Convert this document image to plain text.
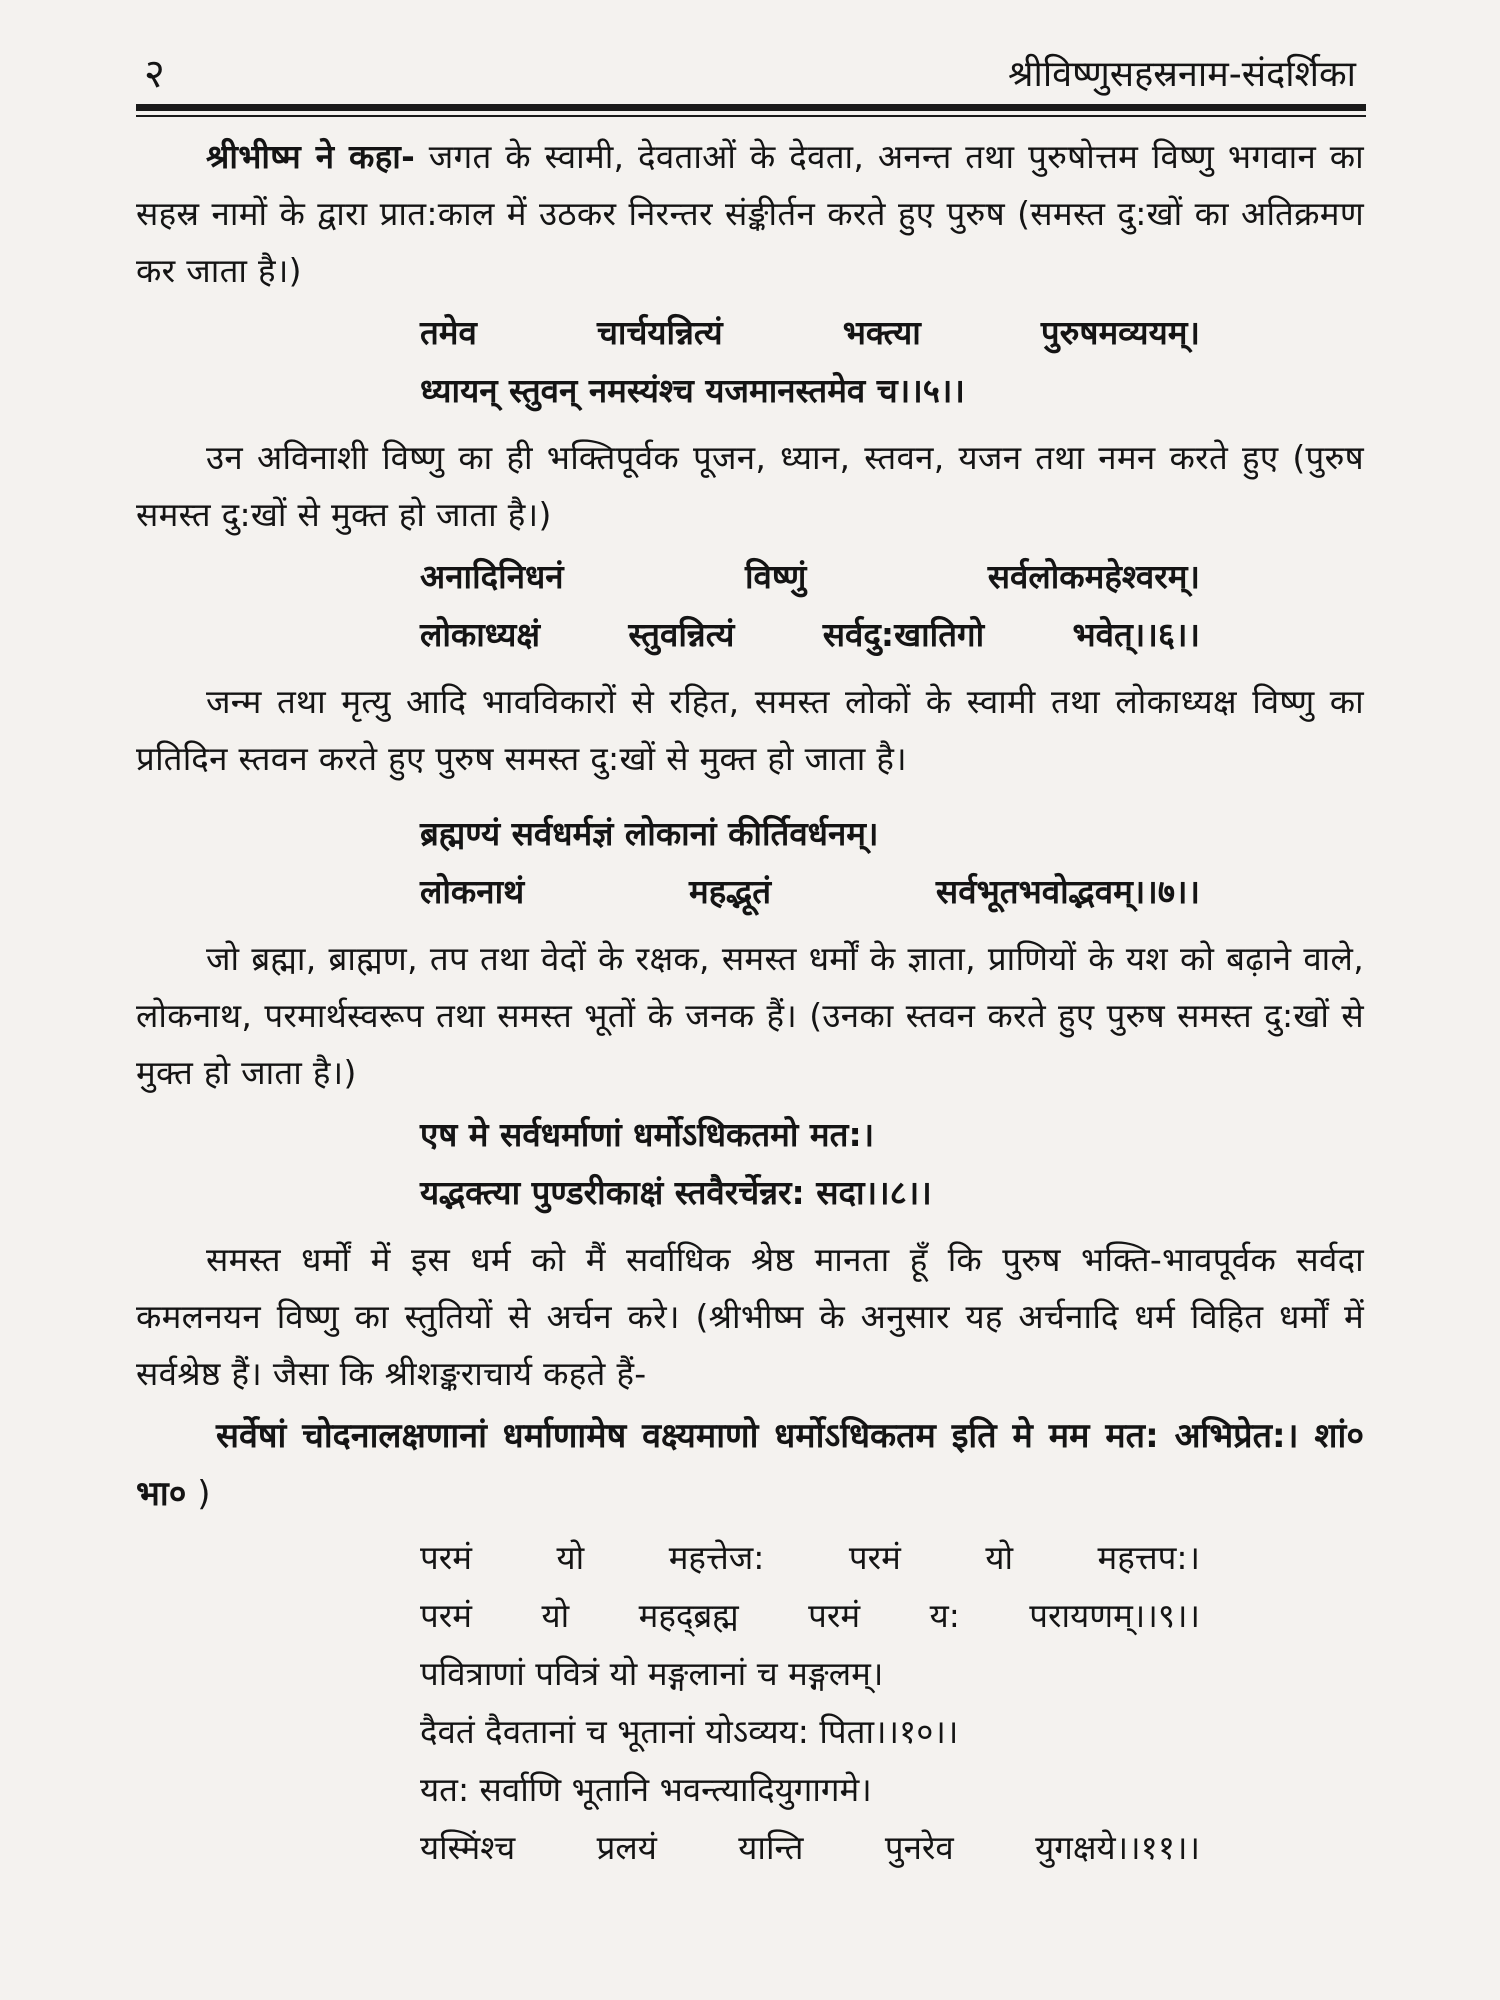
२	श्रीविष्णुसहस्रनाम-संदर्शिका

श्रीभीष्म ने कहा- जगत के स्वामी, देवताओं के देवता, अनन्त तथा पुरुषोत्तम विष्णु भगवान का सहस्र नामों के द्वारा प्रात:काल में उठकर निरन्तर संङ्कीर्तन करते हुए पुरुष (समस्त दु:खों का अतिक्रमण कर जाता है।)

तमेव चार्चयन्नित्यं भक्त्या पुरुषमव्ययम्।
ध्यायन् स्तुवन् नमस्यंश्च यजमानस्तमेव च।।५।।

उन अविनाशी विष्णु का ही भक्तिपूर्वक पूजन, ध्यान, स्तवन, यजन तथा नमन करते हुए (पुरुष समस्त दु:खों से मुक्त हो जाता है।)

अनादिनिधनं विष्णुं सर्वलोकमहेश्वरम्।
लोकाध्यक्षं स्तुवन्नित्यं सर्वदु:खातिगो भवेत्।।६।।

जन्म तथा मृत्यु आदि भावविकारों से रहित, समस्त लोकों के स्वामी तथा लोकाध्यक्ष विष्णु का प्रतिदिन स्तवन करते हुए पुरुष समस्त दु:खों से मुक्त हो जाता है।

ब्रह्मण्यं सर्वधर्मज्ञं लोकानां कीर्तिवर्धनम्।
लोकनाथं महद्भूतं सर्वभूतभवोद्भवम्।।७।।

जो ब्रह्मा, ब्राह्मण, तप तथा वेदों के रक्षक, समस्त धर्मों के ज्ञाता, प्राणियों के यश को बढ़ाने वाले, लोकनाथ, परमार्थस्वरूप तथा समस्त भूतों के जनक हैं। (उनका स्तवन करते हुए पुरुष समस्त दु:खों से मुक्त हो जाता है।)

एष मे सर्वधर्माणां धर्मोऽधिकतमो मत:।
यद्भक्त्या पुण्डरीकाक्षं स्तवैरर्चेन्नर: सदा।।८।।

समस्त धर्मों में इस धर्म को मैं सर्वाधिक श्रेष्ठ मानता हूँ कि पुरुष भक्ति-भावपूर्वक सर्वदा कमलनयन विष्णु का स्तुतियों से अर्चन करे। (श्रीभीष्म के अनुसार यह अर्चनादि धर्म विहित धर्मों में सर्वश्रेष्ठ हैं। जैसा कि श्रीशङ्कराचार्य कहते हैं-

सर्वेषां चोदनालक्षणानां धर्माणामेष वक्ष्यमाणो धर्मोऽधिकतम इति मे मम मत: अभिप्रेत:। शां० भा० )

परमं यो महत्तेज: परमं यो महत्तप:।
परमं यो महद्ब्रह्म परमं य: परायणम्।।९।।
पवित्राणां पवित्रं यो मङ्गलानां च मङ्गलम्।
दैवतं दैवतानां च भूतानां योऽव्यय: पिता।।१०।।
यत: सर्वाणि भूतानि भवन्त्यादियुगागमे।
यस्मिंश्च प्रलयं यान्ति पुनरेव युगक्षये।।११।।
